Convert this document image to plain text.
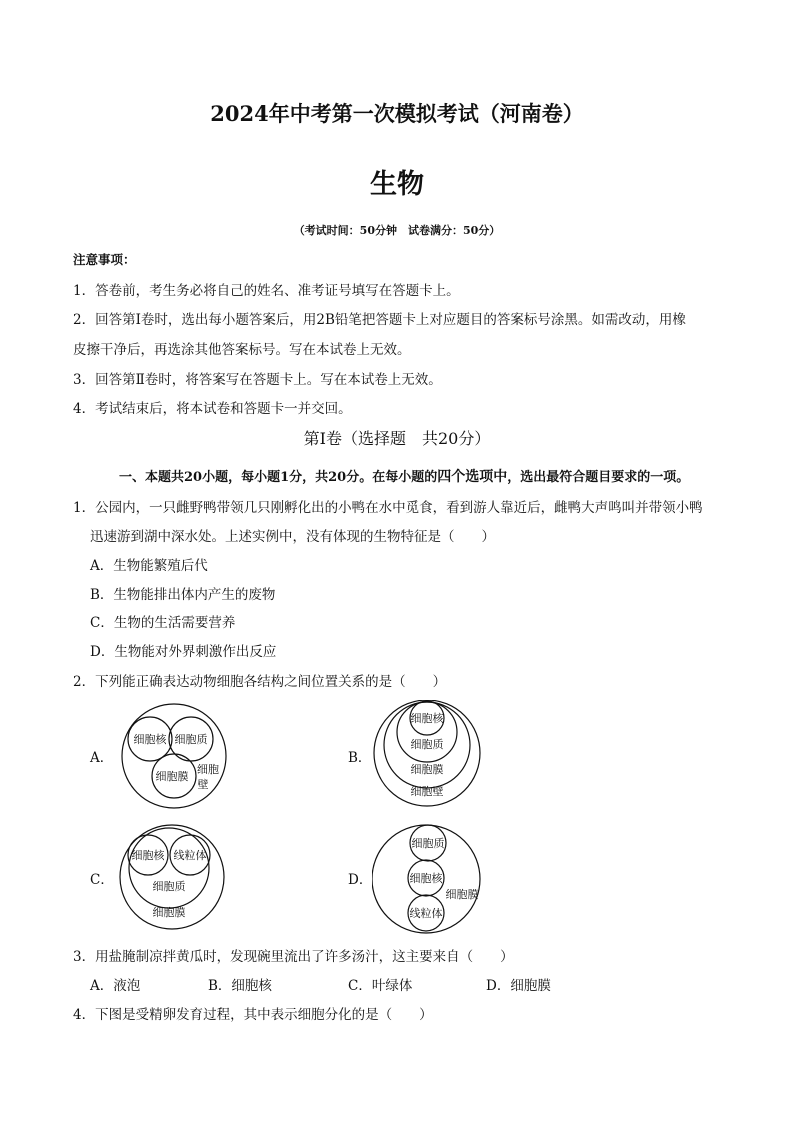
2024年中考第一次模拟考试（河南卷）
生物
（考试时间：50分钟　试卷满分：50分）
注意事项：
1．答卷前，考生务必将自己的姓名、准考证号填写在答题卡上。
2．回答第Ⅰ卷时，选出每小题答案后，用2B铅笔把答题卡上对应题目的答案标号涂黑。如需改动，用橡
皮擦干净后，再选涂其他答案标号。写在本试卷上无效。
3．回答第Ⅱ卷时，将答案写在答题卡上。写在本试卷上无效。
4．考试结束后，将本试卷和答题卡一并交回。
第Ⅰ卷（选择题　共20分）
一、本题共20小题，每小题1分，共20分。在每小题的四个选项中，选出最符合题目要求的一项。
1．公园内，一只雌野鸭带领几只刚孵化出的小鸭在水中觅食，看到游人靠近后，雌鸭大声鸣叫并带领小鸭
迅速游到湖中深水处。上述实例中，没有体现的生物特征是（　　）
A．生物能繁殖后代
B．生物能排出体内产生的废物
C．生物的生活需要营养
D．生物能对外界刺激作出反应
2．下列能正确表达动物细胞各结构之间位置关系的是（　　）
A．	B．
C．	D．
细胞核 细胞质
细胞膜
细胞
壁
细胞核
细胞质
细胞膜
细胞壁
细胞核 线粒体
细胞质
细胞膜
细胞质
细胞核
细胞膜
线粒体
3．用盐腌制凉拌黄瓜时，发现碗里流出了许多汤汁，这主要来自（　　）
A．液泡	B．细胞核	C．叶绿体	D．细胞膜
4．下图是受精卵发育过程，其中表示细胞分化的是（　　）
